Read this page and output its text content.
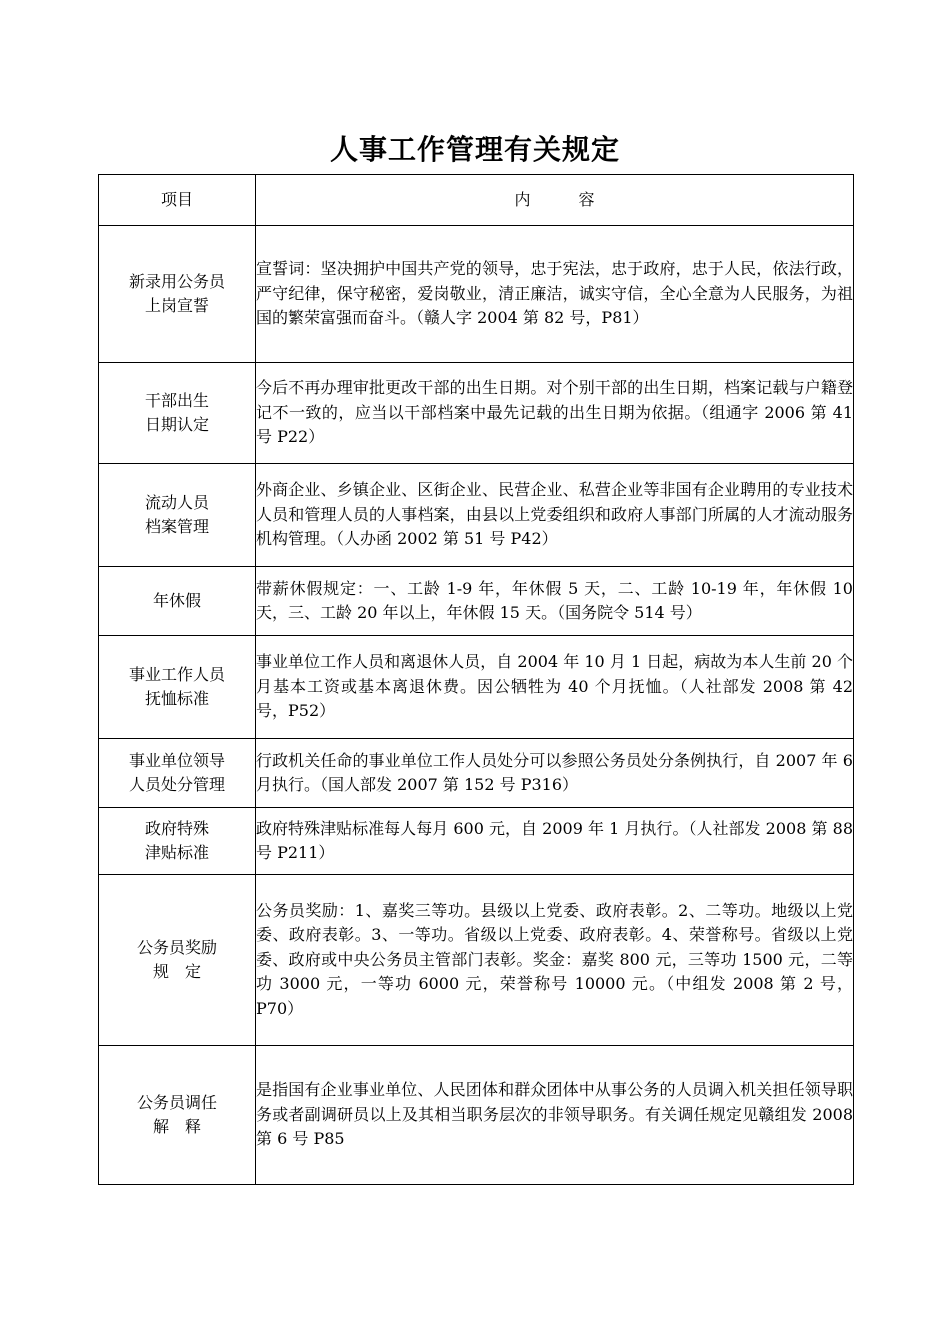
人事工作管理有关规定
项目	内　　　容

新录用公务员
上岗宣誓	宣誓词：坚决拥护中国共产党的领导，忠于宪法，忠于政府，忠于人民，依法行政，严守纪律，保守秘密，爱岗敬业，清正廉洁，诚实守信，全心全意为人民服务，为祖国的繁荣富强而奋斗。（赣人字 2004 第 82 号，P81）

干部出生
日期认定	今后不再办理审批更改干部的出生日期。对个别干部的出生日期，档案记载与户籍登记不一致的，应当以干部档案中最先记载的出生日期为依据。（组通字 2006 第 41 号 P22）

流动人员
档案管理	外商企业、乡镇企业、区街企业、民营企业、私营企业等非国有企业聘用的专业技术人员和管理人员的人事档案，由县以上党委组织和政府人事部门所属的人才流动服务机构管理。（人办函 2002 第 51 号 P42）

年休假	带薪休假规定：一、工龄 1-9 年，年休假 5 天，二、工龄 10-19 年，年休假 10 天，三、工龄 20 年以上，年休假 15 天。（国务院令 514 号）

事业工作人员
抚恤标准	事业单位工作人员和离退休人员，自 2004 年 10 月 1 日起，病故为本人生前 20 个月基本工资或基本离退休费。因公牺牲为 40 个月抚恤。（人社部发 2008 第 42 号，P52）

事业单位领导
人员处分管理	行政机关任命的事业单位工作人员处分可以参照公务员处分条例执行，自 2007 年 6 月执行。（国人部发 2007 第 152 号 P316）

政府特殊
津贴标准	政府特殊津贴标准每人每月 600 元，自 2009 年 1 月执行。（人社部发 2008 第 88 号 P211）

公务员奖励
规　定	公务员奖励：1、嘉奖三等功。县级以上党委、政府表彰。2、二等功。地级以上党委、政府表彰。3、一等功。省级以上党委、政府表彰。4、荣誉称号。省级以上党委、政府或中央公务员主管部门表彰。奖金：嘉奖 800 元，三等功 1500 元，二等功 3000 元，一等功 6000 元，荣誉称号 10000 元。（中组发 2008 第 2 号，P70）

公务员调任
解　释	是指国有企业事业单位、人民团体和群众团体中从事公务的人员调入机关担任领导职务或者副调研员以上及其相当职务层次的非领导职务。有关调任规定见赣组发 2008 第 6 号 P85
